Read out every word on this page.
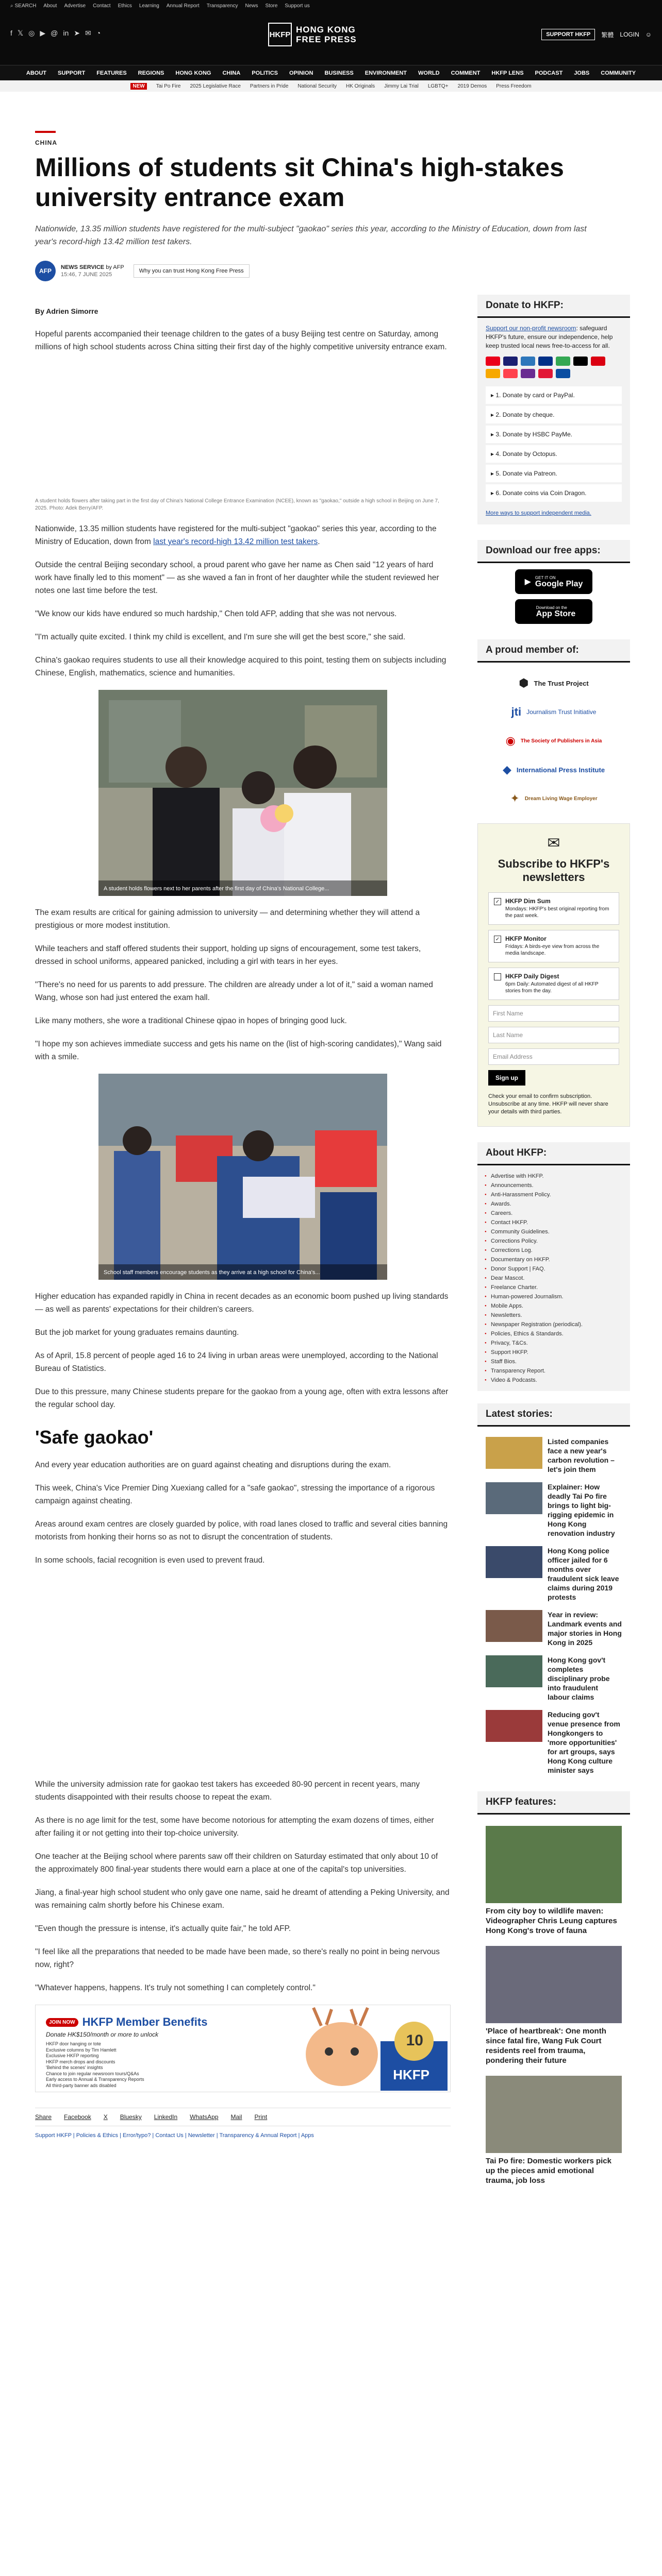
⌕ SEARCH About Advertise Contact Ethics Learning Annual Report Transparency News Store Support us
f 𝕏 ◎ ▶ @ in ➤ ✉ ◔	HKFP HONG KONG
FREE PRESS	SUPPORT HKFP	繁體 LOGIN ☺
ABOUT SUPPORT FEATURES REGIONS HONG KONG CHINA POLITICS OPINION BUSINESS ENVIRONMENT WORLD COMMENT HKFP LENS PODCAST JOBS COMMUNITY
NEW	Tai Po Fire 2025 Legislative Race Partners in Pride National Security HK Originals Jimmy Lai Trial LGBTQ+ 2019 Demos Press Freedom
CHINA
Millions of students sit China's high-stakes university entrance exam
Nationwide, 13.35 million students have registered for the multi-subject "gaokao" series this year, according to the Ministry of Education, down from last year's record-high 13.42 million test takers.
AFP	NEWS SERVICE by AFP
15:46, 7 JUNE 2025
Why you can trust Hong Kong Free Press
By Adrien Simorre

Hopeful parents accompanied their teenage children to the gates of a busy Beijing test centre on Saturday, among millions of high school students across China sitting their first day of the highly competitive university entrance exam.

A student holds flowers after taking part in the first day of China's National College Entrance Examination (NCEE), known as "gaokao," outside a high school in Beijing on June 7, 2025. Photo: Adek Berry/AFP.

Nationwide, 13.35 million students have registered for the multi-subject "gaokao" series this year, according to the Ministry of Education, down from last year's record-high 13.42 million test takers.

Outside the central Beijing secondary school, a proud parent who gave her name as Chen said "12 years of hard work have finally led to this moment" — as she waved a fan in front of her daughter while the student reviewed her notes one last time before the test.

"We know our kids have endured so much hardship," Chen told AFP, adding that she was not nervous.

"I'm actually quite excited. I think my child is excellent, and I'm sure she will get the best score," she said.

China's gaokao requires students to use all their knowledge acquired to this point, testing them on subjects including Chinese, English, mathematics, science and humanities.

A student holds flowers next to her parents after the first day of China's National College...

The exam results are critical for gaining admission to university — and determining whether they will attend a prestigious or more modest institution.

While teachers and staff offered students their support, holding up signs of encouragement, some test takers, dressed in school uniforms, appeared panicked, including a girl with tears in her eyes.

"There's no need for us parents to add pressure. The children are already under a lot of it," said a woman named Wang, whose son had just entered the exam hall.

Like many mothers, she wore a traditional Chinese qipao in hopes of bringing good luck.

"I hope my son achieves immediate success and gets his name on the (list of high-scoring candidates)," Wang said with a smile.

School staff members encourage students as they arrive at a high school for China's...

Higher education has expanded rapidly in China in recent decades as an economic boom pushed up living standards — as well as parents' expectations for their children's careers.

But the job market for young graduates remains daunting.

As of April, 15.8 percent of people aged 16 to 24 living in urban areas were unemployed, according to the National Bureau of Statistics.

Due to this pressure, many Chinese students prepare for the gaokao from a young age, often with extra lessons after the regular school day.

'Safe gaokao'

And every year education authorities are on guard against cheating and disruptions during the exam.

This week, China's Vice Premier Ding Xuexiang called for a "safe gaokao", stressing the importance of a rigorous campaign against cheating.

Areas around exam centres are closely guarded by police, with road lanes closed to traffic and several cities banning motorists from honking their horns so as not to disrupt the concentration of students.

In some schools, facial recognition is even used to prevent fraud.

While the university admission rate for gaokao test takers has exceeded 80-90 percent in recent years, many students disappointed with their results choose to repeat the exam.

As there is no age limit for the test, some have become notorious for attempting the exam dozens of times, either after failing it or not getting into their top-choice university.

One teacher at the Beijing school where parents saw off their children on Saturday estimated that only about 10 of the approximately 800 final-year students there would earn a place at one of the capital's top universities.

Jiang, a final-year high school student who only gave one name, said he dreamt of attending a Peking University, and was remaining calm shortly before his Chinese exam.

"Even though the pressure is intense, it's actually quite fair," he told AFP.

"I feel like all the preparations that needed to be made have been made, so there's really no point in being nervous now, right?

"Whatever happens, happens. It's truly not something I can completely control."

JOIN NOW HKFP Member Benefits
Donate HK$150/month or more to unlock
HKFP door hanging or tote
Exclusive columns by Tim Hamlett
Exclusive HKFP reporting
HKFP merch drops and discounts
'Behind the scenes' insights
Chance to join regular newsroom tours/Q&As
Early access to Annual & Transparency Reports
All third-party banner ads disabled
10
HKFP
Share Facebook X Bluesky LinkedIn WhatsApp Mail Print
Support HKFP | Policies & Ethics | Error/typo? | Contact Us | Newsletter | Transparency & Annual Report | Apps
Donate to HKFP:
Support our non-profit newsroom: safeguard HKFP's future, ensure our independence, help keep trusted local news free-to-access for all.
▸ 1. Donate by card or PayPal.
▸ 2. Donate by cheque.
▸ 3. Donate by HSBC PayMe.
▸ 4. Donate by Octopus.
▸ 5. Donate via Patreon.
▸ 6. Donate coins via Coin Dragon.
More ways to support independent media.
Download our free apps:
▶ GET IT ON
Google Play
Download on the
App Store
A proud member of:
⬢ The Trust Project
jti Journalism Trust Initiative
◉ The Society of Publishers in Asia
◆ International Press Institute
✦ Dream Living Wage Employer
✉
Subscribe to HKFP's newsletters
✓ HKFP Dim Sum
Mondays: HKFP's best original reporting from the past week.
✓ HKFP Monitor
Fridays: A birds-eye view from across the media landscape.
HKFP Daily Digest
6pm Daily: Automated digest of all HKFP stories from the day.
First Name
Last Name
Email Address
Sign up
Check your email to confirm subscription. Unsubscribe at any time. HKFP will never share your details with third parties.
About HKFP:
● Advertise with HKFP.
● Announcements.
● Anti-Harassment Policy.
● Awards.
● Careers.
● Contact HKFP.
● Community Guidelines.
● Corrections Policy.
● Corrections Log.
● Documentary on HKFP.
● Donor Support | FAQ.
● Dear Mascot.
● Freelance Charter.
● Human-powered Journalism.
● Mobile Apps.
● Newsletters.
● Newspaper Registration (periodical).
● Policies, Ethics & Standards.
● Privacy, T&Cs.
● Support HKFP.
● Staff Bios.
● Transparency Report.
● Video & Podcasts.
Latest stories:
Listed companies face a new year's carbon revolution – let's join them
Explainer: How deadly Tai Po fire brings to light big-rigging epidemic in Hong Kong renovation industry
Hong Kong police officer jailed for 6 months over fraudulent sick leave claims during 2019 protests
Year in review: Landmark events and major stories in Hong Kong in 2025
Hong Kong gov't completes disciplinary probe into fraudulent labour claims
Reducing gov't venue presence from Hongkongers to 'more opportunities' for art groups, says Hong Kong culture minister says
HKFP features:
From city boy to wildlife maven: Videographer Chris Leung captures Hong Kong's trove of fauna
'Place of heartbreak': One month since fatal fire, Wang Fuk Court residents reel from trauma, pondering their future
Tai Po fire: Domestic workers pick up the pieces amid emotional trauma, job loss
